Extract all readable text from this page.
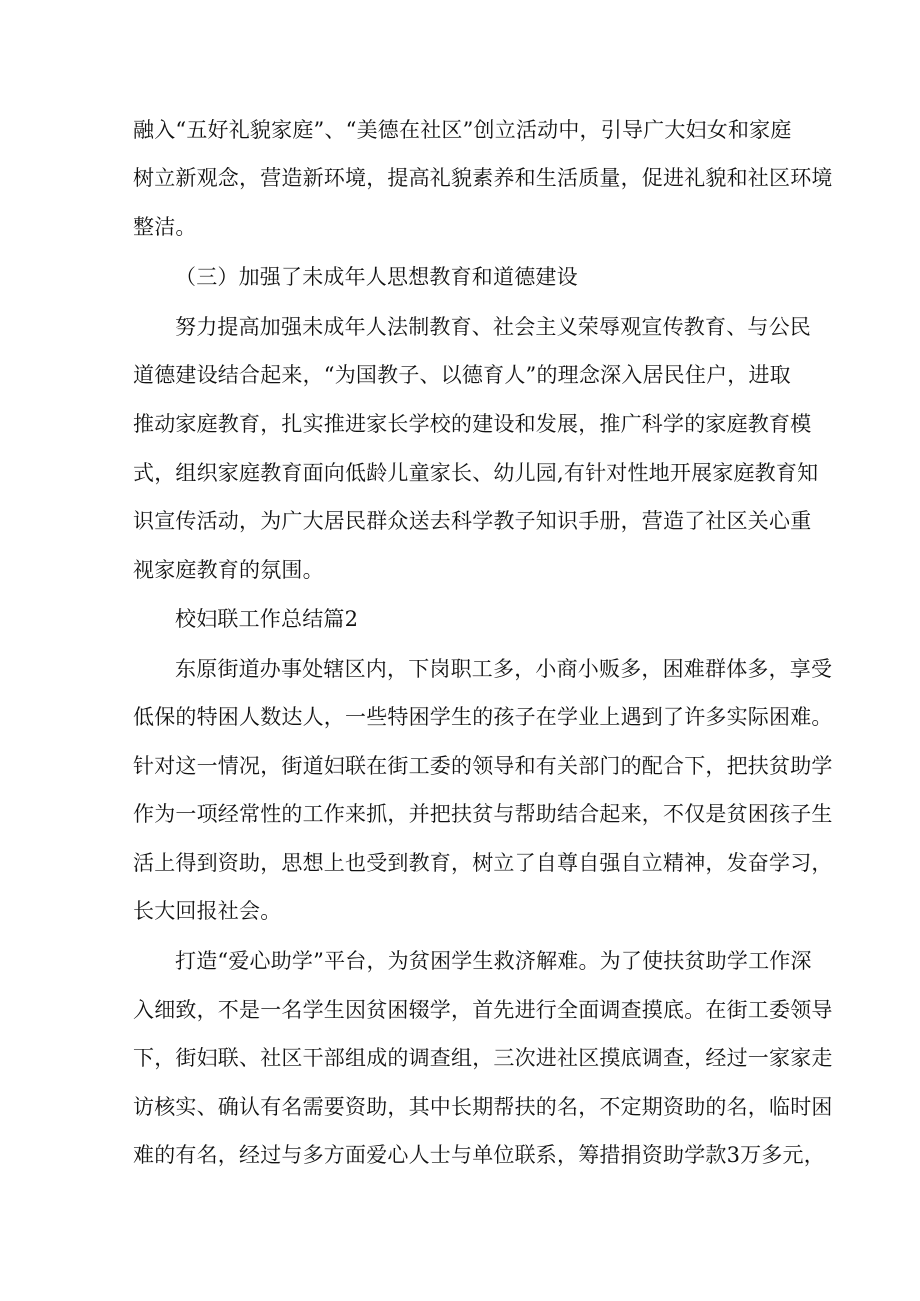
融入“五好礼貌家庭”、“美德在社区”创立活动中，引导广大妇女和家庭
树立新观念，营造新环境，提高礼貌素养和生活质量，促进礼貌和社区环境
整洁。
（三）加强了未成年人思想教育和道德建设
努力提高加强未成年人法制教育、社会主义荣辱观宣传教育、与公民
道德建设结合起来，“为国教子、以德育人”的理念深入居民住户，进取
推动家庭教育，扎实推进家长学校的建设和发展，推广科学的家庭教育模
式，组织家庭教育面向低龄儿童家长、幼儿园,有针对性地开展家庭教育知
识宣传活动，为广大居民群众送去科学教子知识手册，营造了社区关心重
视家庭教育的氛围。
校妇联工作总结篇2
东原街道办事处辖区内，下岗职工多，小商小贩多，困难群体多，享受
低保的特困人数达人，一些特困学生的孩子在学业上遇到了许多实际困难。
针对这一情况，街道妇联在街工委的领导和有关部门的配合下，把扶贫助学
作为一项经常性的工作来抓，并把扶贫与帮助结合起来，不仅是贫困孩子生
活上得到资助，思想上也受到教育，树立了自尊自强自立精神，发奋学习，
长大回报社会。
打造“爱心助学”平台，为贫困学生救济解难。为了使扶贫助学工作深
入细致，不是一名学生因贫困辍学，首先进行全面调查摸底。在街工委领导
下，街妇联、社区干部组成的调查组，三次进社区摸底调查，经过一家家走
访核实、确认有名需要资助，其中长期帮扶的名，不定期资助的名，临时困
难的有名，经过与多方面爱心人士与单位联系，筹措捐资助学款3万多元，
